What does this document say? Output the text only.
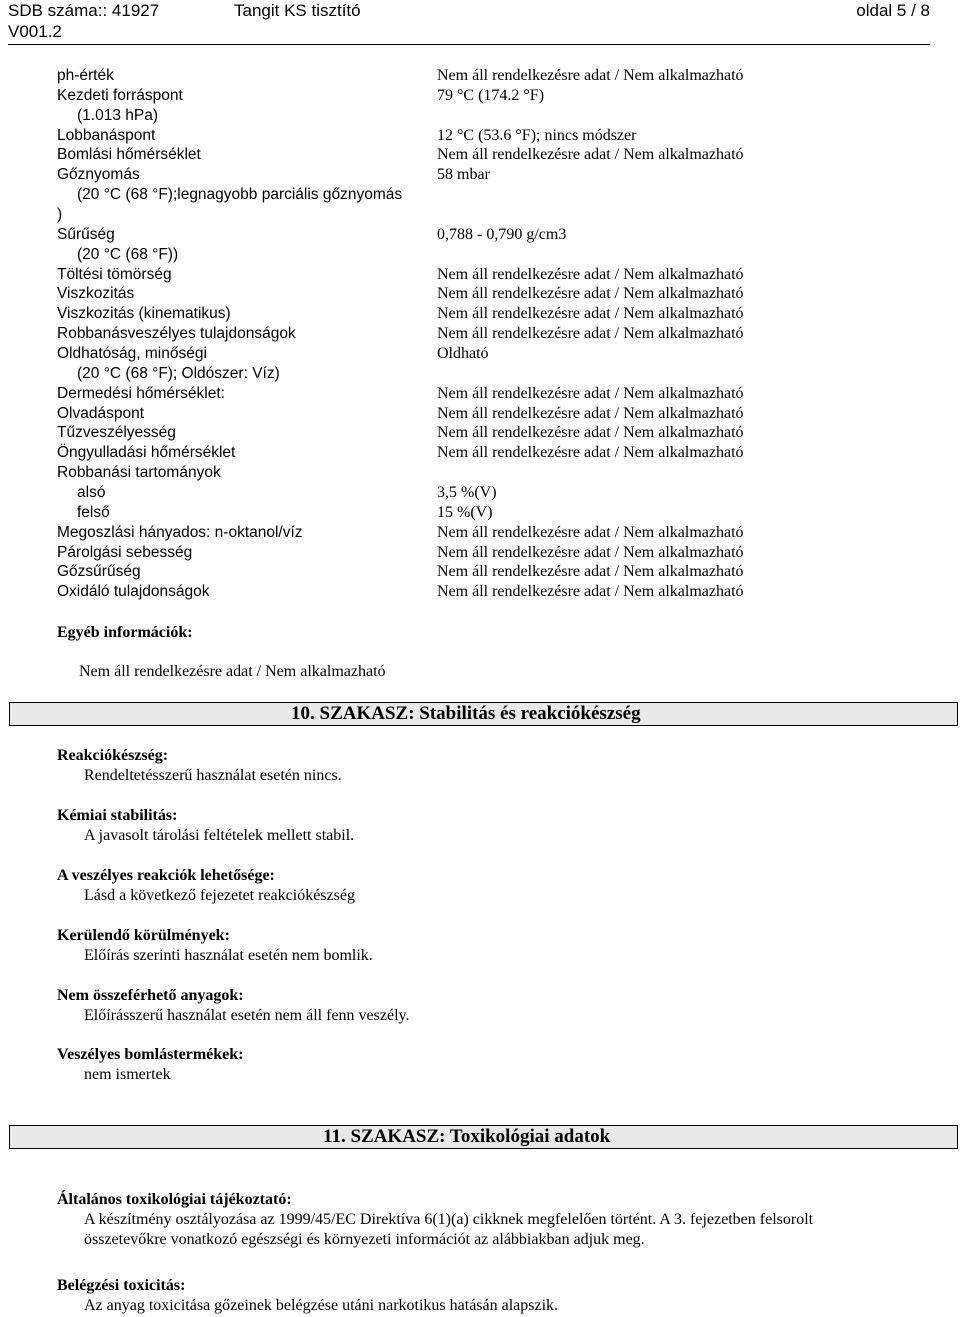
SDB száma:: 41927
V001.2
Tangit KS tisztító	oldal 5 / 8
ph-érték	Nem áll rendelkezésre adat / Nem alkalmazható
Kezdeti forráspont	79 °C (174.2 °F)
(1.013 hPa)
Lobbanáspont	12 °C (53.6 °F); nincs módszer
Bomlási hőmérséklet	Nem áll rendelkezésre adat / Nem alkalmazható
Gőznyomás	58 mbar
(20 °C (68 °F);legnagyobb parciális gőznyomás
)
Sűrűség	0,788 - 0,790 g/cm3
(20 °C (68 °F))
Töltési tömörség	Nem áll rendelkezésre adat / Nem alkalmazható
Viszkozitás	Nem áll rendelkezésre adat / Nem alkalmazható
Viszkozitás (kinematikus)	Nem áll rendelkezésre adat / Nem alkalmazható
Robbanásveszélyes tulajdonságok	Nem áll rendelkezésre adat / Nem alkalmazható
Oldhatóság, minőségi	Oldható
(20 °C (68 °F); Oldószer: Víz)
Dermedési hőmérséklet:	Nem áll rendelkezésre adat / Nem alkalmazható
Olvadáspont	Nem áll rendelkezésre adat / Nem alkalmazható
Tűzveszélyesség	Nem áll rendelkezésre adat / Nem alkalmazható
Öngyulladási hőmérséklet	Nem áll rendelkezésre adat / Nem alkalmazható
Robbanási tartományok
alsó	3,5 %(V)
felső	15 %(V)
Megoszlási hányados: n-oktanol/víz	Nem áll rendelkezésre adat / Nem alkalmazható
Párolgási sebesség	Nem áll rendelkezésre adat / Nem alkalmazható
Gőzsűrűség	Nem áll rendelkezésre adat / Nem alkalmazható
Oxidáló tulajdonságok	Nem áll rendelkezésre adat / Nem alkalmazható
Egyéb információk:
Nem áll rendelkezésre adat / Nem alkalmazható
10. SZAKASZ: Stabilitás és reakciókészség
Reakciókészség:
Rendeltetésszerű használat esetén nincs.
Kémiai stabilitás:
A javasolt tárolási feltételek mellett stabil.
A veszélyes reakciók lehetősége:
Lásd a következő fejezetet reakciókészség
Kerülendő körülmények:
Előírás szerinti használat esetén nem bomlik.
Nem összeférhető anyagok:
Előírásszerű használat esetén nem áll fenn veszély.
Veszélyes bomlástermékek:
nem ismertek
11. SZAKASZ: Toxikológiai adatok
Általános toxikológiai tájékoztató:
A készítmény osztályozása az 1999/45/EC Direktíva 6(1)(a) cikknek megfelelően történt. A 3. fejezetben felsorolt
összetevőkre vonatkozó egészségi és környezeti információt az alábbiakban adjuk meg.
Belégzési toxicitás:
Az anyag toxicitása gőzeinek belégzése utáni narkotikus hatásán alapszik.
